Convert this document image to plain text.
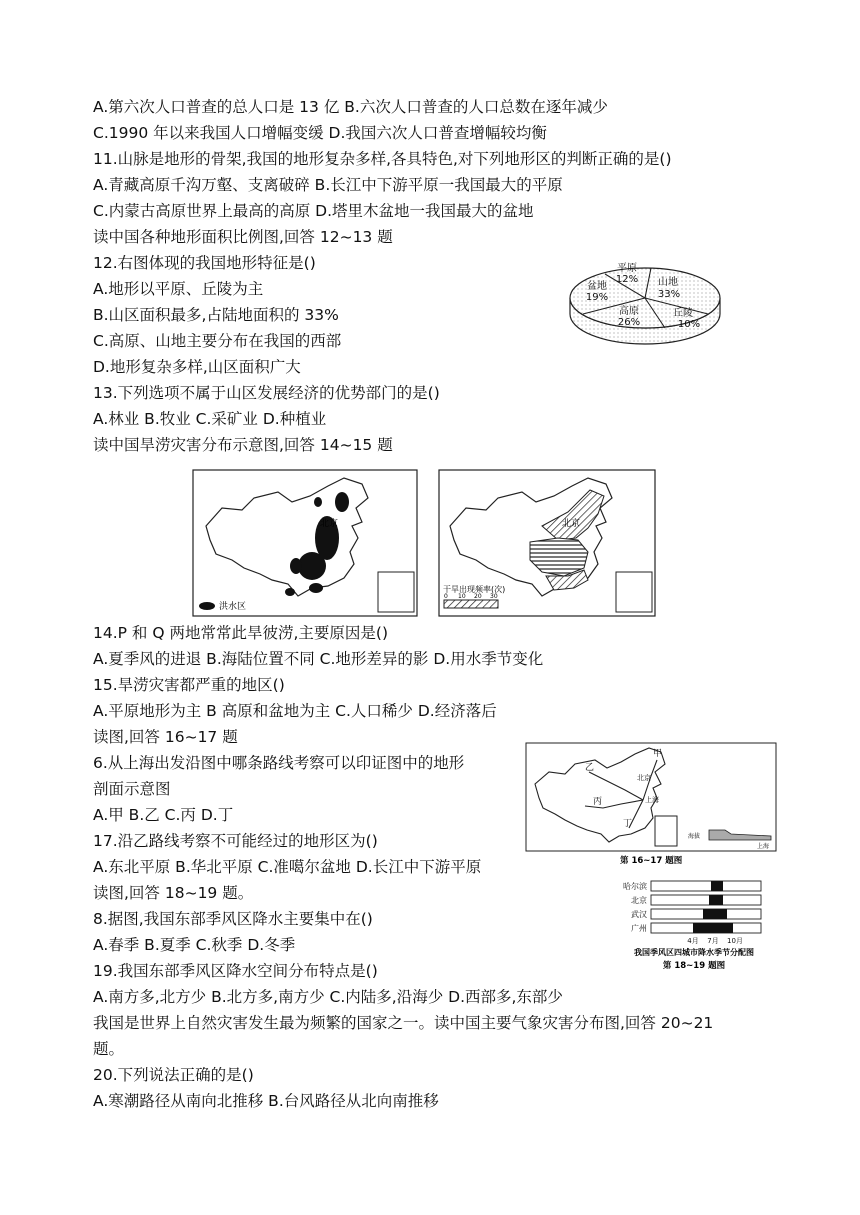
A.第六次人口普查的总人口是 13 亿 B.六次人口普查的人口总数在逐年减少
C.1990 年以来我国人口增幅变缓 D.我国六次人口普查增幅较均衡
11.山脉是地形的骨架,我国的地形复杂多样,各具特色,对下列地形区的判断正确的是()
A.青藏高原千沟万壑、支离破碎 B.长江中下游平原一我国最大的平原
C.内蒙古高原世界上最高的高原 D.塔里木盆地一我国最大的盆地
读中国各种地形面积比例图,回答 12~13 题
12.右图体现的我国地形特征是()
A.地形以平原、丘陵为主
B.山区面积最多,占陆地面积的 33%
C.高原、山地主要分布在我国的西部
D.地形复杂多样,山区面积广大
13.下列选项不属于山区发展经济的优势部门的是()
A.林业 B.牧业 C.采矿业 D.种植业
读中国旱涝灾害分布示意图,回答 14~15 题
14.P 和 Q 两地常常此旱彼涝,主要原因是()
A.夏季风的进退 B.海陆位置不同 C.地形差异的影 D.用水季节变化
15.旱涝灾害都严重的地区()
A.平原地形为主 B 高原和盆地为主 C.人口稀少 D.经济落后
读图,回答 16~17 题
6.从上海出发沿图中哪条路线考察可以印证图中的地形
剖面示意图
A.甲 B.乙 C.丙 D.丁
17.沿乙路线考察不可能经过的地形区为()
A.东北平原 B.华北平原 C.准噶尔盆地 D.长江中下游平原
读图,回答 18~19 题。
8.据图,我国东部季风区降水主要集中在()
A.春季 B.夏季 C.秋季 D.冬季
19.我国东部季风区降水空间分布特点是()
A.南方多,北方少 B.北方多,南方少 C.内陆多,沿海少 D.西部多,东部少
我国是世界上自然灾害发生最为频繁的国家之一。读中国主要气象灾害分布图,回答 20~21
题。
20.下列说法正确的是()
A.寒潮路径从南向北推移 B.台风路径从北向南推移
山地
33%
平原
12%
盆地
19%
高原
26%
丘陵
10%
北京
洪水区
北京
干旱出现频率(次)
0 10 20 30
甲
乙
丙
丁
北京
上海
海拔
上海
第 16~17 题图
哈尔滨
北京
武汉
广州
4月 7月 10月
我国季风区四城市降水季节分配图
第 18~19 题图
